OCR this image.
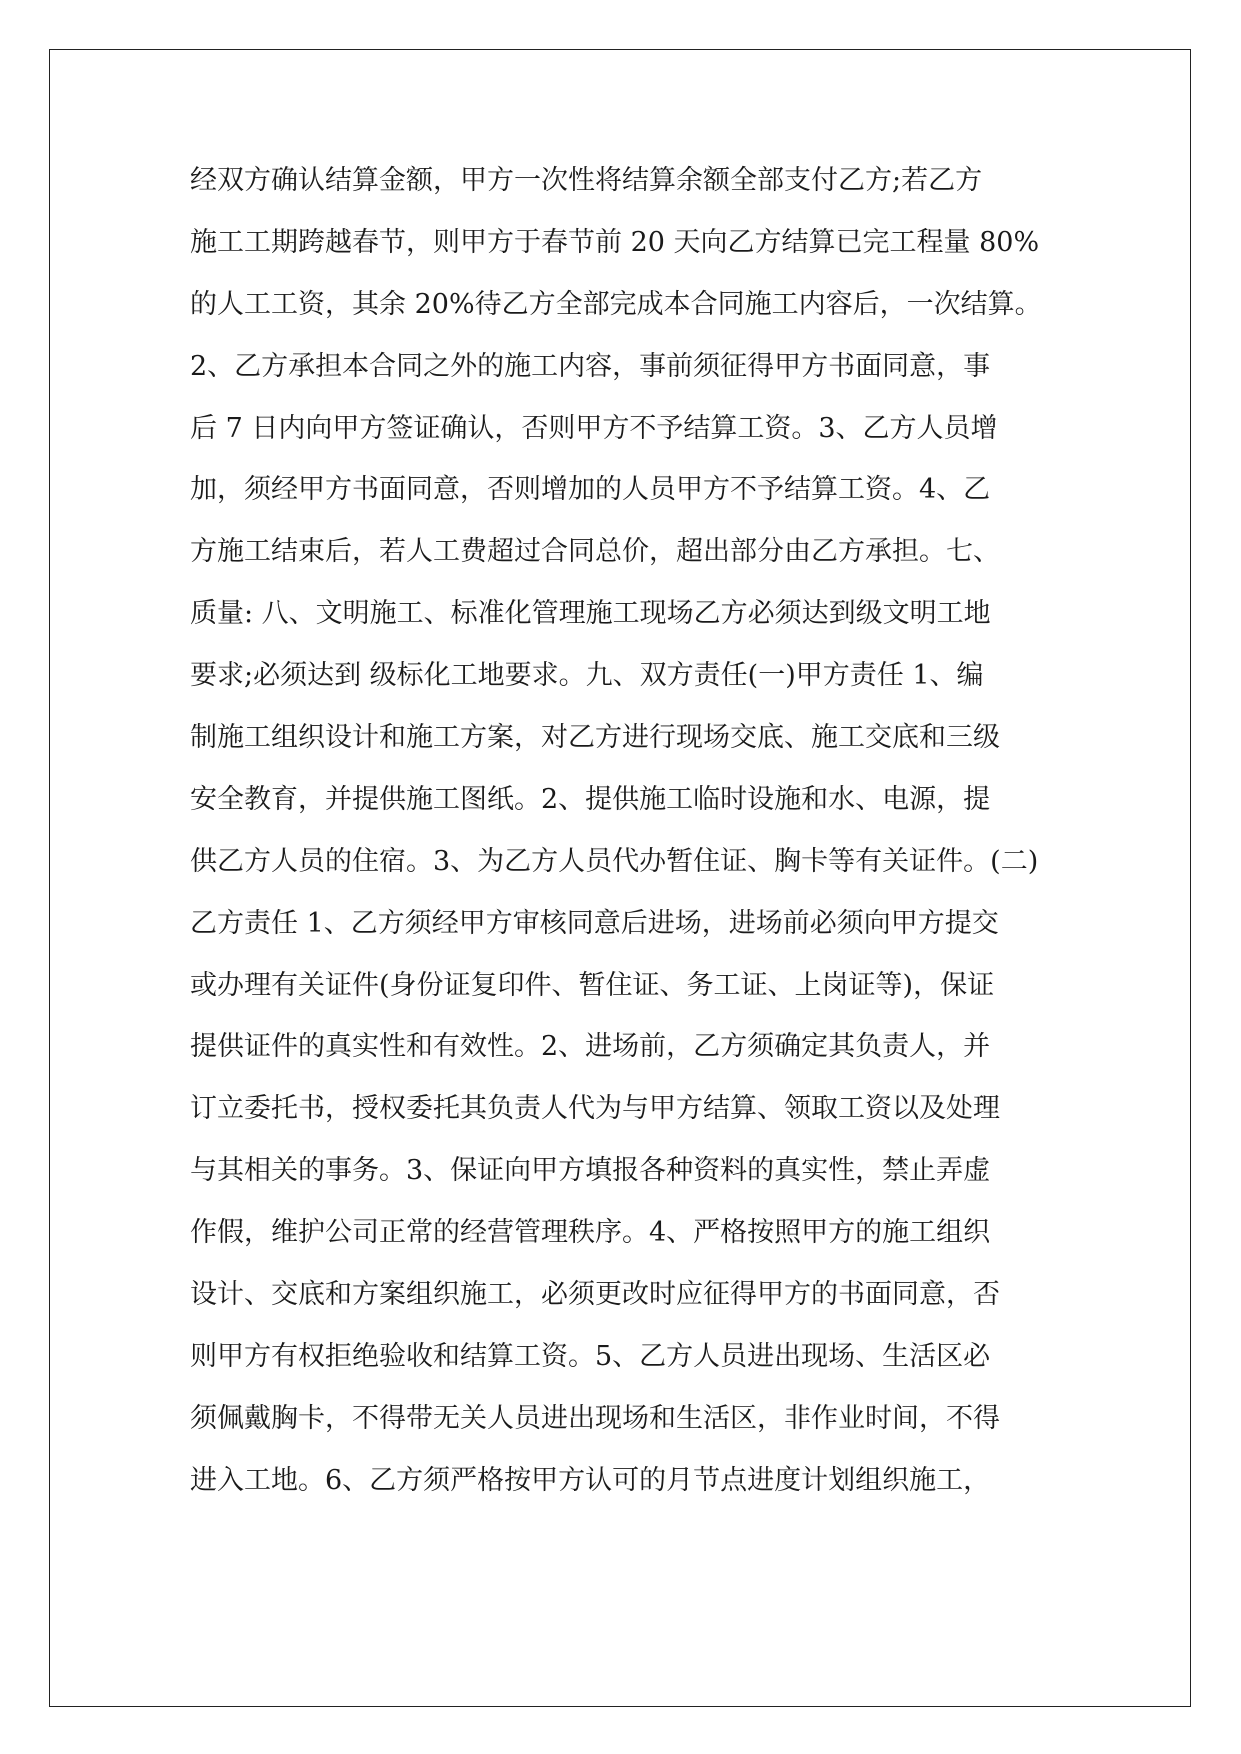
经双方确认结算金额，甲方一次性将结算余额全部支付乙方;若乙方
施工工期跨越春节，则甲方于春节前 20 天向乙方结算已完工程量 80%
的人工工资，其余 20%待乙方全部完成本合同施工内容后，一次结算。
2、乙方承担本合同之外的施工内容，事前须征得甲方书面同意，事
后 7 日内向甲方签证确认，否则甲方不予结算工资。3、乙方人员增
加，须经甲方书面同意，否则增加的人员甲方不予结算工资。4、乙
方施工结束后，若人工费超过合同总价，超出部分由乙方承担。七、
质量: 八、文明施工、标准化管理施工现场乙方必须达到级文明工地
要求;必须达到 级标化工地要求。九、双方责任(一)甲方责任 1、编
制施工组织设计和施工方案，对乙方进行现场交底、施工交底和三级
安全教育，并提供施工图纸。2、提供施工临时设施和水、电源，提
供乙方人员的住宿。3、为乙方人员代办暂住证、胸卡等有关证件。(二)
乙方责任 1、乙方须经甲方审核同意后进场，进场前必须向甲方提交
或办理有关证件(身份证复印件、暂住证、务工证、上岗证等)，保证
提供证件的真实性和有效性。2、进场前，乙方须确定其负责人，并
订立委托书，授权委托其负责人代为与甲方结算、领取工资以及处理
与其相关的事务。3、保证向甲方填报各种资料的真实性，禁止弄虚
作假，维护公司正常的经营管理秩序。4、严格按照甲方的施工组织
设计、交底和方案组织施工，必须更改时应征得甲方的书面同意，否
则甲方有权拒绝验收和结算工资。5、乙方人员进出现场、生活区必
须佩戴胸卡，不得带无关人员进出现场和生活区，非作业时间，不得
进入工地。6、乙方须严格按甲方认可的月节点进度计划组织施工，
